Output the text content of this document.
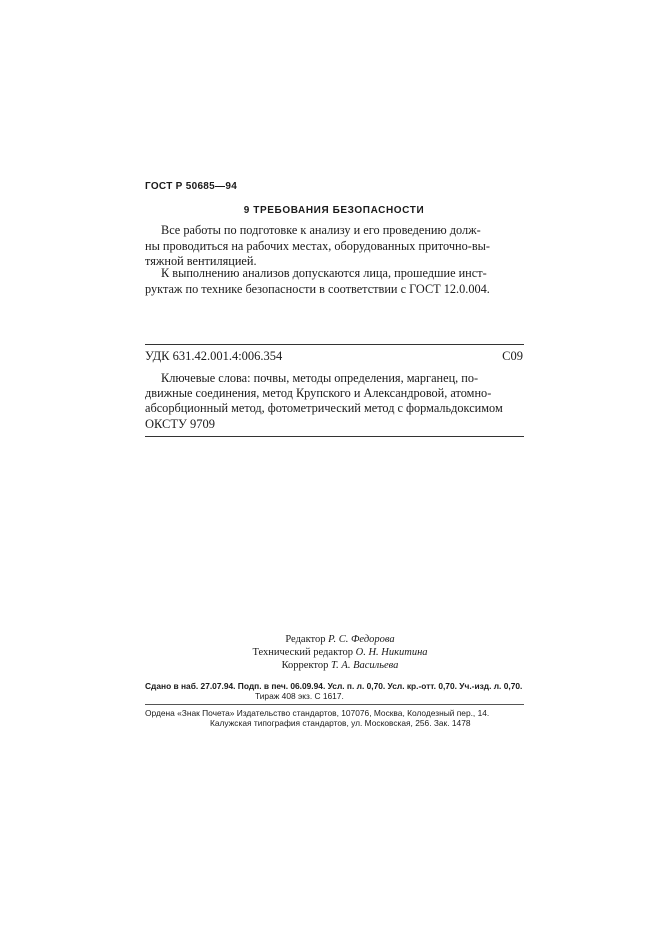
ГОСТ Р 50685—94
9 ТРЕБОВАНИЯ БЕЗОПАСНОСТИ
Все работы по подготовке к анализу и его проведению долж-
ны проводиться на рабочих местах, оборудованных приточно-вы-
тяжной вентиляцией.
К выполнению анализов допускаются лица, прошедшие инст-
руктаж по технике безопасности в соответствии с ГОСТ 12.0.004.
УДК 631.42.001.4:006.354	С09
Ключевые слова: почвы, методы определения, марганец, по-
движные соединения, метод Крупского и Александровой, атомно-
абсорбционный метод, фотометрический метод с формальдоксимом
ОКСТУ 9709
Редактор Р. С. Федорова
Технический редактор О. Н. Никитина
Корректор Т. А. Васильева
Сдано в наб. 27.07.94. Подп. в печ. 06.09.94. Усл. п. л. 0,70. Усл. кр.-отт. 0,70. Уч.-изд. л. 0,70.
Тираж 408 экз. С 1617.
Ордена «Знак Почета» Издательство стандартов, 107076, Москва, Колодезный пер., 14.
Калужская типография стандартов, ул. Московская, 256. Зак. 1478
